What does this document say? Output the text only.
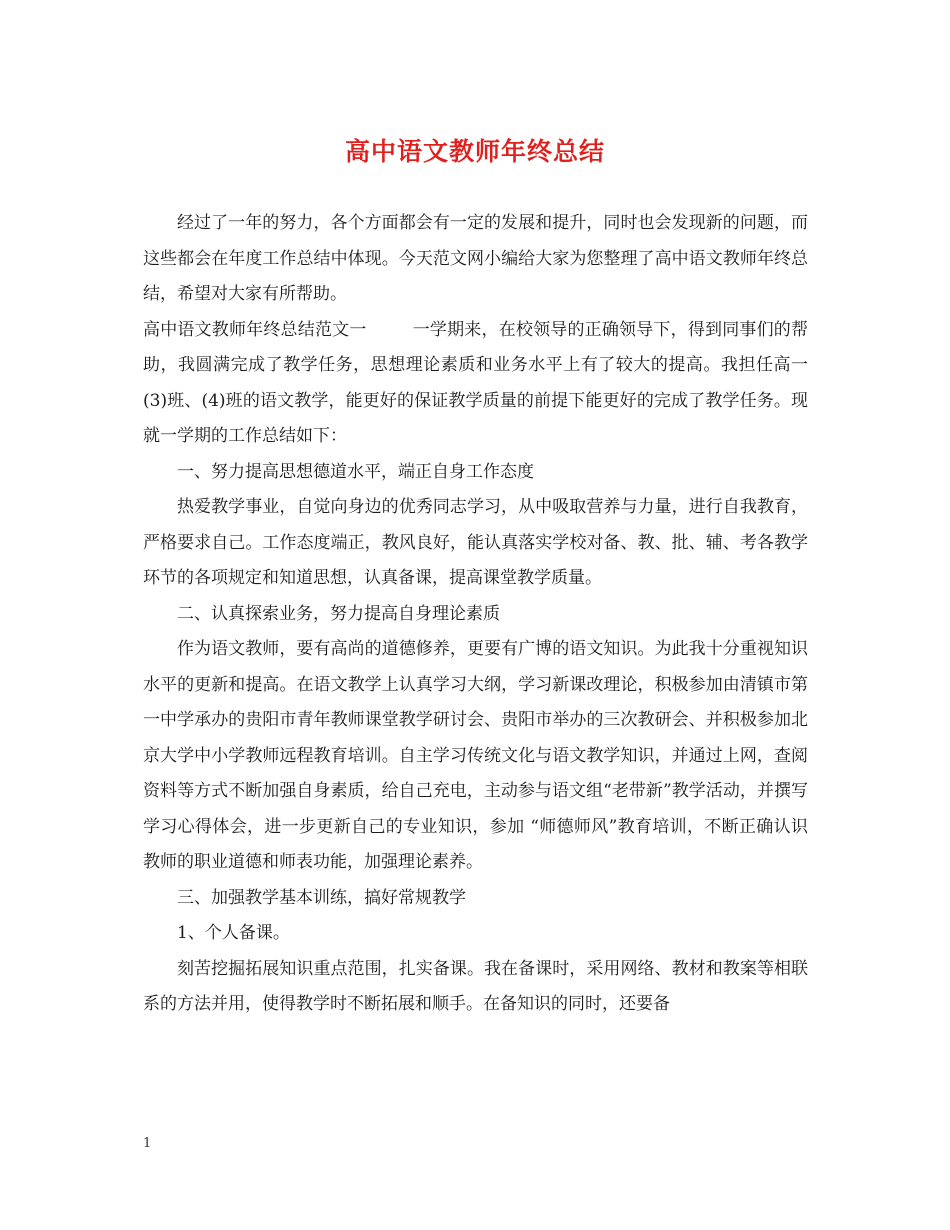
高中语文教师年终总结

经过了一年的努力，各个方面都会有一定的发展和提升，同时也会发现新的问题，而这些都会在年度工作总结中体现。今天范文网小编给大家为您整理了高中语文教师年终总结，希望对大家有所帮助。

高中语文教师年终总结范文一	一学期来，在校领导的正确领导下，得到同事们的帮助，我圆满完成了教学任务，思想理论素质和业务水平上有了较大的提高。我担任高一(3)班、(4)班的语文教学，能更好的保证教学质量的前提下能更好的完成了教学任务。现就一学期的工作总结如下：

一、努力提高思想德道水平，端正自身工作态度

热爱教学事业，自觉向身边的优秀同志学习，从中吸取营养与力量，进行自我教育，严格要求自己。工作态度端正，教风良好，能认真落实学校对备、教、批、辅、考各教学环节的各项规定和知道思想，认真备课，提高课堂教学质量。

二、认真探索业务，努力提高自身理论素质

作为语文教师，要有高尚的道德修养，更要有广博的语文知识。为此我十分重视知识水平的更新和提高。在语文教学上认真学习大纲，学习新课改理论，积极参加由清镇市第一中学承办的贵阳市青年教师课堂教学研讨会、贵阳市举办的三次教研会、并积极参加北京大学中小学教师远程教育培训。自主学习传统文化与语文教学知识，并通过上网，查阅资料等方式不断加强自身素质，给自己充电，主动参与语文组“老带新”教学活动，并撰写学习心得体会，进一步更新自己的专业知识，参加 “师德师风”教育培训，不断正确认识教师的职业道德和师表功能，加强理论素养。

三、加强教学基本训练，搞好常规教学

1、个人备课。

刻苦挖掘拓展知识重点范围，扎实备课。我在备课时，采用网络、教材和教案等相联系的方法并用，使得教学时不断拓展和顺手。在备知识的同时，还要备

1
